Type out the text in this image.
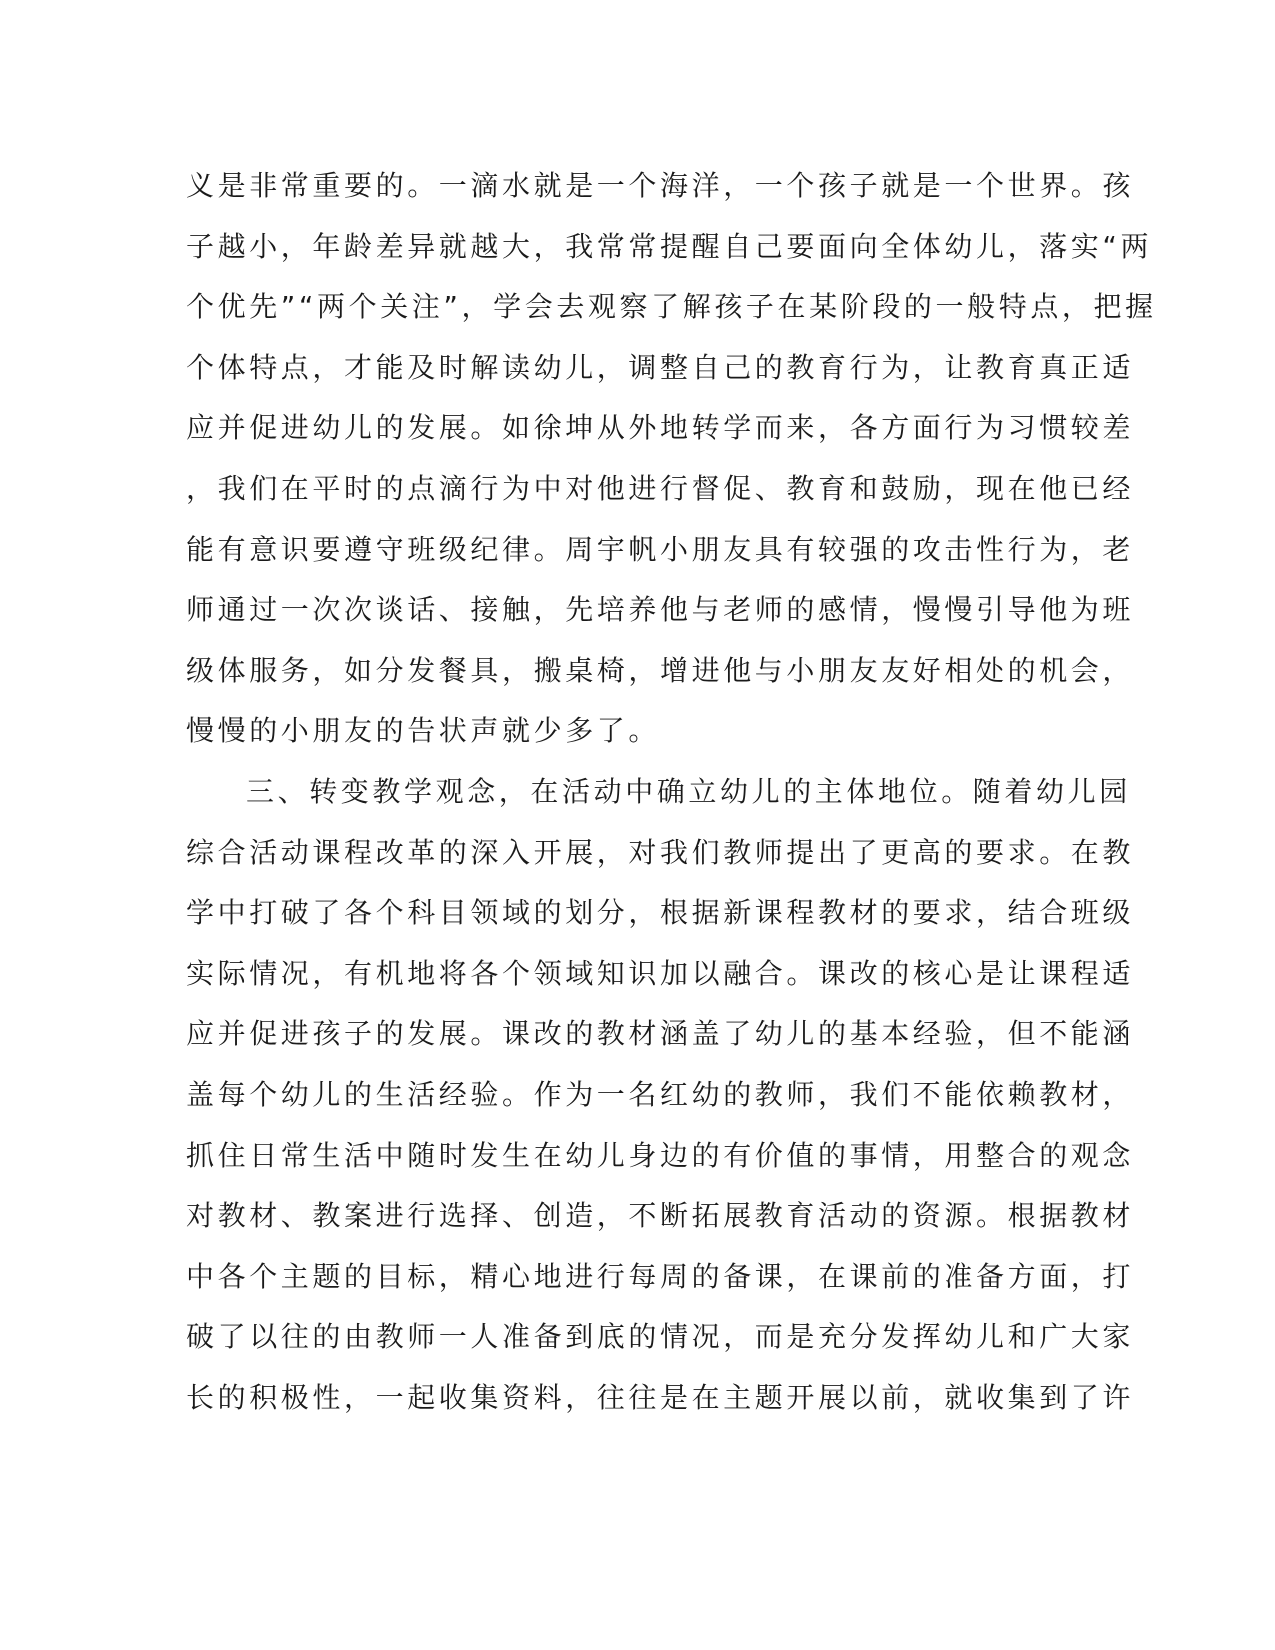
义是非常重要的。一滴水就是一个海洋，一个孩子就是一个世界。孩
子越小，年龄差异就越大，我常常提醒自己要面向全体幼儿，落实“两
个优先”“两个关注”，学会去观察了解孩子在某阶段的一般特点，把握
个体特点，才能及时解读幼儿，调整自己的教育行为，让教育真正适
应并促进幼儿的发展。如徐坤从外地转学而来，各方面行为习惯较差
，我们在平时的点滴行为中对他进行督促、教育和鼓励，现在他已经
能有意识要遵守班级纪律。周宇帆小朋友具有较强的攻击性行为，老
师通过一次次谈话、接触，先培养他与老师的感情，慢慢引导他为班
级体服务，如分发餐具，搬桌椅，增进他与小朋友友好相处的机会，
慢慢的小朋友的告状声就少多了。
三、转变教学观念，在活动中确立幼儿的主体地位。随着幼儿园
综合活动课程改革的深入开展，对我们教师提出了更高的要求。在教
学中打破了各个科目领域的划分，根据新课程教材的要求，结合班级
实际情况，有机地将各个领域知识加以融合。课改的核心是让课程适
应并促进孩子的发展。课改的教材涵盖了幼儿的基本经验，但不能涵
盖每个幼儿的生活经验。作为一名红幼的教师，我们不能依赖教材，
抓住日常生活中随时发生在幼儿身边的有价值的事情，用整合的观念
对教材、教案进行选择、创造，不断拓展教育活动的资源。根据教材
中各个主题的目标，精心地进行每周的备课，在课前的准备方面，打
破了以往的由教师一人准备到底的情况，而是充分发挥幼儿和广大家
长的积极性，一起收集资料，往往是在主题开展以前，就收集到了许
